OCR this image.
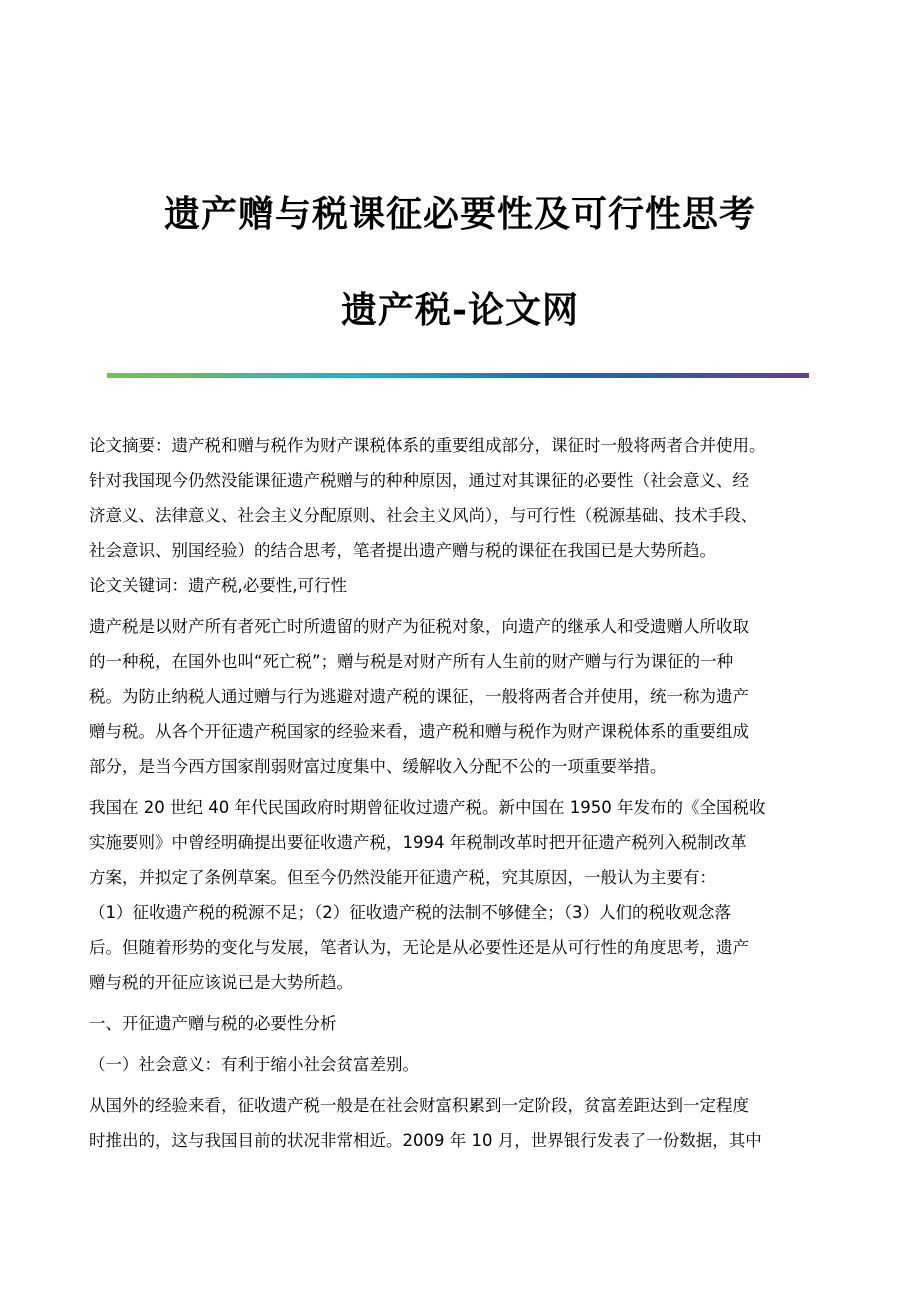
遗产赠与税课征必要性及可行性思考
遗产税-论文网
论文摘要：遗产税和赠与税作为财产课税体系的重要组成部分，课征时一般将两者合并使用。
针对我国现今仍然没能课征遗产税赠与的种种原因，通过对其课征的必要性（社会意义、经
济意义、法律意义、社会主义分配原则、社会主义风尚），与可行性（税源基础、技术手段、
社会意识、别国经验）的结合思考，笔者提出遗产赠与税的课征在我国已是大势所趋。
论文关键词：遗产税,必要性,可行性
遗产税是以财产所有者死亡时所遗留的财产为征税对象，向遗产的继承人和受遗赠人所收取
的一种税，在国外也叫“死亡税”；赠与税是对财产所有人生前的财产赠与行为课征的一种
税。为防止纳税人通过赠与行为逃避对遗产税的课征，一般将两者合并使用，统一称为遗产
赠与税。从各个开征遗产税国家的经验来看，遗产税和赠与税作为财产课税体系的重要组成
部分，是当今西方国家削弱财富过度集中、缓解收入分配不公的一项重要举措。
我国在 20 世纪 40 年代民国政府时期曾征收过遗产税。新中国在 1950 年发布的《全国税收
实施要则》中曾经明确提出要征收遗产税，1994 年税制改革时把开征遗产税列入税制改革
方案，并拟定了条例草案。但至今仍然没能开征遗产税，究其原因，一般认为主要有：
（1）征收遗产税的税源不足；（2）征收遗产税的法制不够健全；（3）人们的税收观念落
后。但随着形势的变化与发展，笔者认为，无论是从必要性还是从可行性的角度思考，遗产
赠与税的开征应该说已是大势所趋。
一、开征遗产赠与税的必要性分析
（一）社会意义：有利于缩小社会贫富差别。
从国外的经验来看，征收遗产税一般是在社会财富积累到一定阶段，贫富差距达到一定程度
时推出的，这与我国目前的状况非常相近。2009 年 10 月，世界银行发表了一份数据，其中
